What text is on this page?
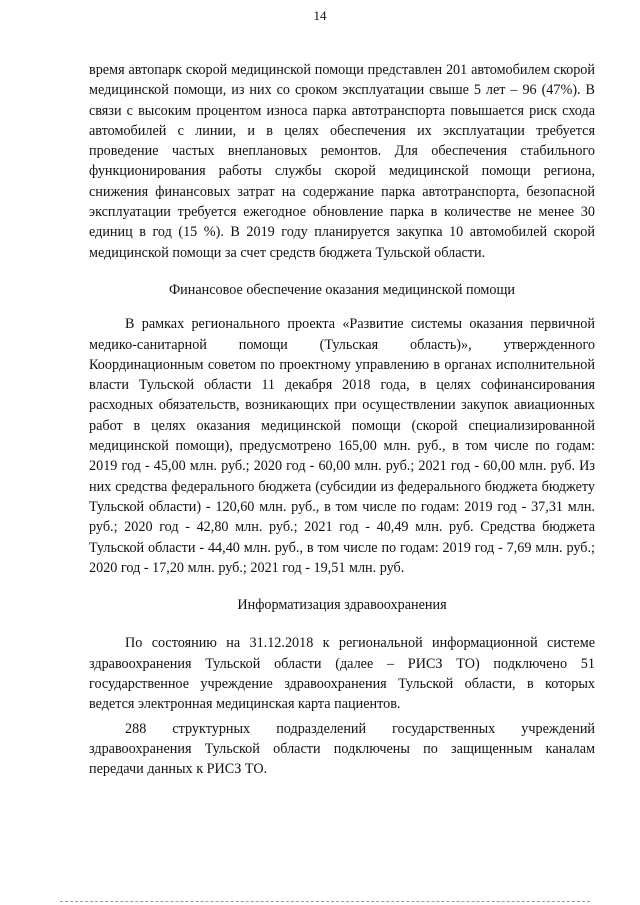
14

время автопарк скорой медицинской помощи представлен 201 автомобилем скорой медицинской помощи, из них со сроком эксплуатации свыше 5 лет – 96 (47%). В связи с высоким процентом износа парка автотранспорта повышается риск схода автомобилей с линии, и в целях обеспечения их эксплуатации требуется проведение частых внеплановых ремонтов. Для обеспечения стабильного функционирования работы службы скорой медицинской помощи региона, снижения финансовых затрат на содержание парка автотранспорта, безопасной эксплуатации требуется ежегодное обновление парка в количестве не менее 30 единиц в год (15 %). В 2019 году планируется закупка 10 автомобилей скорой медицинской помощи за счет средств бюджета Тульской области.

Финансовое обеспечение оказания медицинской помощи

В рамках регионального проекта «Развитие системы оказания первичной медико-санитарной помощи (Тульская область)», утвержденного Координационным советом по проектному управлению в органах исполнительной власти Тульской области 11 декабря 2018 года, в целях софинансирования расходных обязательств, возникающих при осуществлении закупок авиационных работ в целях оказания медицинской помощи (скорой специализированной медицинской помощи), предусмотрено 165,00 млн. руб., в том числе по годам: 2019 год - 45,00 млн. руб.; 2020 год - 60,00 млн. руб.; 2021 год - 60,00 млн. руб. Из них средства федерального бюджета (субсидии из федерального бюджета бюджету Тульской области) - 120,60 млн. руб., в том числе по годам: 2019 год - 37,31 млн. руб.; 2020 год - 42,80 млн. руб.; 2021 год - 40,49 млн. руб. Средства бюджета Тульской области - 44,40 млн. руб., в том числе по годам: 2019 год - 7,69 млн. руб.; 2020 год - 17,20 млн. руб.; 2021 год - 19,51 млн. руб.

Информатизация здравоохранения

По состоянию на 31.12.2018 к региональной информационной системе здравоохранения Тульской области (далее – РИСЗ ТО) подключено 51 государственное учреждение здравоохранения Тульской области, в которых ведется электронная медицинская карта пациентов.

288 структурных подразделений государственных учреждений здравоохранения Тульской области подключены по защищенным каналам передачи данных к РИСЗ ТО.
